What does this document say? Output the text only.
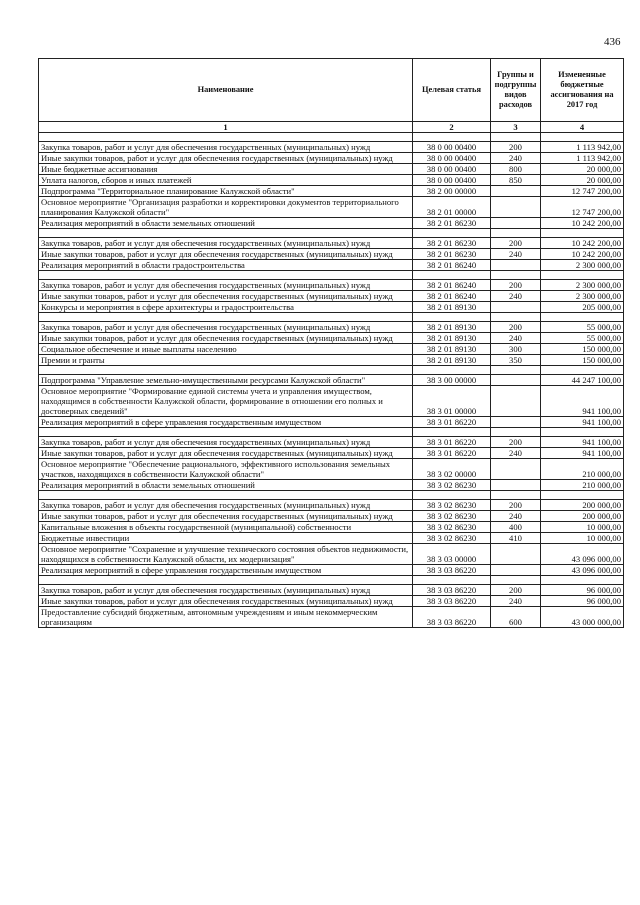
436
Наименование	Целевая статья	Группы и подгруппы видов расходов	Измененные бюджетные ассигнования на 2017 год
1	2	3	4

Закупка товаров, работ и услуг для обеспечения государственных (муниципальных) нужд	38 0 00 00400	200	1 113 942,00
Иные закупки товаров, работ и услуг для обеспечения государственных (муниципальных) нужд	38 0 00 00400	240	1 113 942,00
Иные бюджетные ассигнования	38 0 00 00400	800	20 000,00
Уплата налогов, сборов и иных платежей	38 0 00 00400	850	20 000,00
Подпрограмма "Территориальное планирование Калужской области"	38 2 00 00000		12 747 200,00
Основное мероприятие "Организация разработки и корректировки документов территориального планирования Калужской области"	38 2 01 00000		12 747 200,00
Реализация мероприятий в области земельных отношений	38 2 01 86230		10 242 200,00

Закупка товаров, работ и услуг для обеспечения государственных (муниципальных) нужд	38 2 01 86230	200	10 242 200,00
Иные закупки товаров, работ и услуг для обеспечения государственных (муниципальных) нужд	38 2 01 86230	240	10 242 200,00
Реализация мероприятий в области градостроительства	38 2 01 86240		2 300 000,00

Закупка товаров, работ и услуг для обеспечения государственных (муниципальных) нужд	38 2 01 86240	200	2 300 000,00
Иные закупки товаров, работ и услуг для обеспечения государственных (муниципальных) нужд	38 2 01 86240	240	2 300 000,00
Конкурсы и мероприятия в сфере архитектуры и градостроительства	38 2 01 89130		205 000,00

Закупка товаров, работ и услуг для обеспечения государственных (муниципальных) нужд	38 2 01 89130	200	55 000,00
Иные закупки товаров, работ и услуг для обеспечения государственных (муниципальных) нужд	38 2 01 89130	240	55 000,00
Социальное обеспечение и иные выплаты населению	38 2 01 89130	300	150 000,00
Премии и гранты	38 2 01 89130	350	150 000,00

Подпрограмма "Управление земельно-имущественными ресурсами Калужской области"	38 3 00 00000		44 247 100,00
Основное мероприятие "Формирование единой системы учета и управления имуществом, находящимся в собственности Калужской области, формирование в отношении его полных и достоверных сведений"	38 3 01 00000		941 100,00
Реализация мероприятий в сфере управления государственным имуществом	38 3 01 86220		941 100,00

Закупка товаров, работ и услуг для обеспечения государственных (муниципальных) нужд	38 3 01 86220	200	941 100,00
Иные закупки товаров, работ и услуг для обеспечения государственных (муниципальных) нужд	38 3 01 86220	240	941 100,00
Основное мероприятие "Обеспечение рационального, эффективного использования земельных участков, находящихся в собственности Калужской области"	38 3 02 00000		210 000,00
Реализация мероприятий в области земельных отношений	38 3 02 86230		210 000,00

Закупка товаров, работ и услуг для обеспечения государственных (муниципальных) нужд	38 3 02 86230	200	200 000,00
Иные закупки товаров, работ и услуг для обеспечения государственных (муниципальных) нужд	38 3 02 86230	240	200 000,00
Капитальные вложения в объекты государственной (муниципальной) собственности	38 3 02 86230	400	10 000,00
Бюджетные инвестиции	38 3 02 86230	410	10 000,00
Основное мероприятие "Сохранение и улучшение технического состояния объектов недвижимости, находящихся в собственности Калужской области, их модернизация"	38 3 03 00000		43 096 000,00
Реализация мероприятий в сфере управления государственным имуществом	38 3 03 86220		43 096 000,00

Закупка товаров, работ и услуг для обеспечения государственных (муниципальных) нужд	38 3 03 86220	200	96 000,00
Иные закупки товаров, работ и услуг для обеспечения государственных (муниципальных) нужд	38 3 03 86220	240	96 000,00
Предоставление субсидий бюджетным, автономным учреждениям и иным некоммерческим организациям	38 3 03 86220	600	43 000 000,00
